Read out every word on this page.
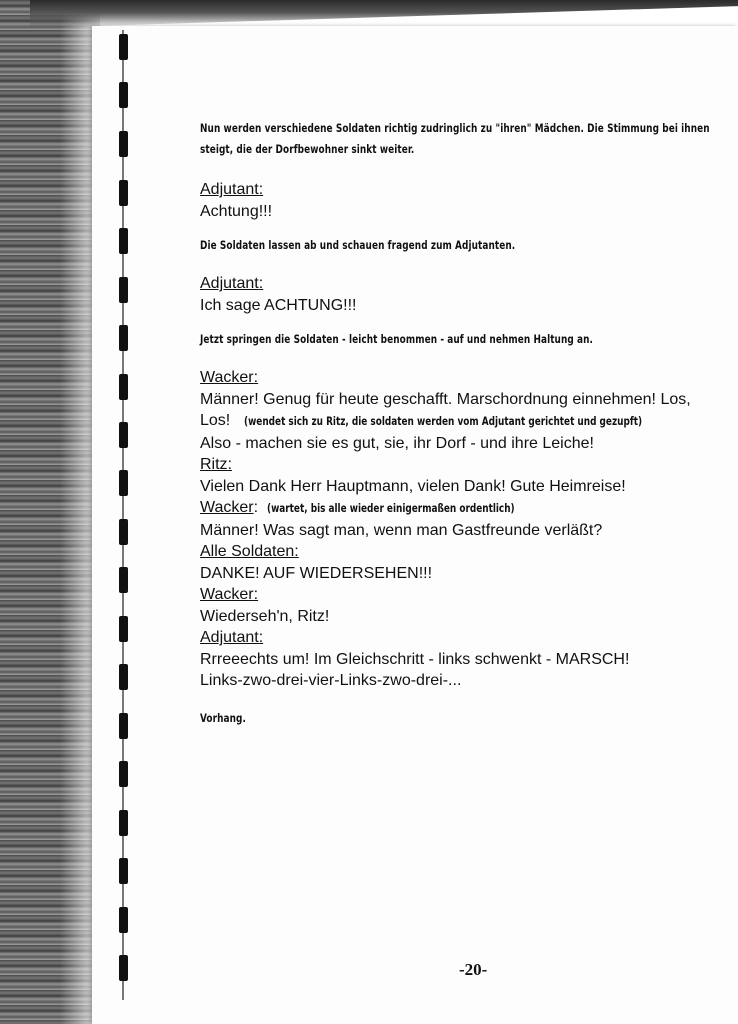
Nun werden verschiedene Soldaten richtig zudringlich zu "ihren" Mädchen. Die Stimmung bei ihnen steigt, die der Dorfbewohner sinkt weiter.
Adjutant:
Achtung!!!
Die Soldaten lassen ab und schauen fragend zum Adjutanten.
Adjutant:
Ich sage ACHTUNG!!!
Jetzt springen die Soldaten - leicht benommen - auf und nehmen Haltung an.
Wacker:
Männer! Genug für heute geschafft. Marschordnung einnehmen! Los,
Los! (wendet sich zu Ritz, die soldaten werden vom Adjutant gerichtet und gezupft)
Also - machen sie es gut, sie, ihr Dorf - und ihre Leiche!
Ritz:
Vielen Dank Herr Hauptmann, vielen Dank! Gute Heimreise!
Wacker:  (wartet, bis alle wieder einigermaßen ordentlich)
Männer! Was sagt man, wenn man Gastfreunde verläßt?
Alle Soldaten:
DANKE! AUF WIEDERSEHEN!!!
Wacker:
Wiederseh'n, Ritz!
Adjutant:
Rrreeechts um! Im Gleichschritt - links schwenkt - MARSCH!
Links-zwo-drei-vier-Links-zwo-drei-...
Vorhang.
-20-
